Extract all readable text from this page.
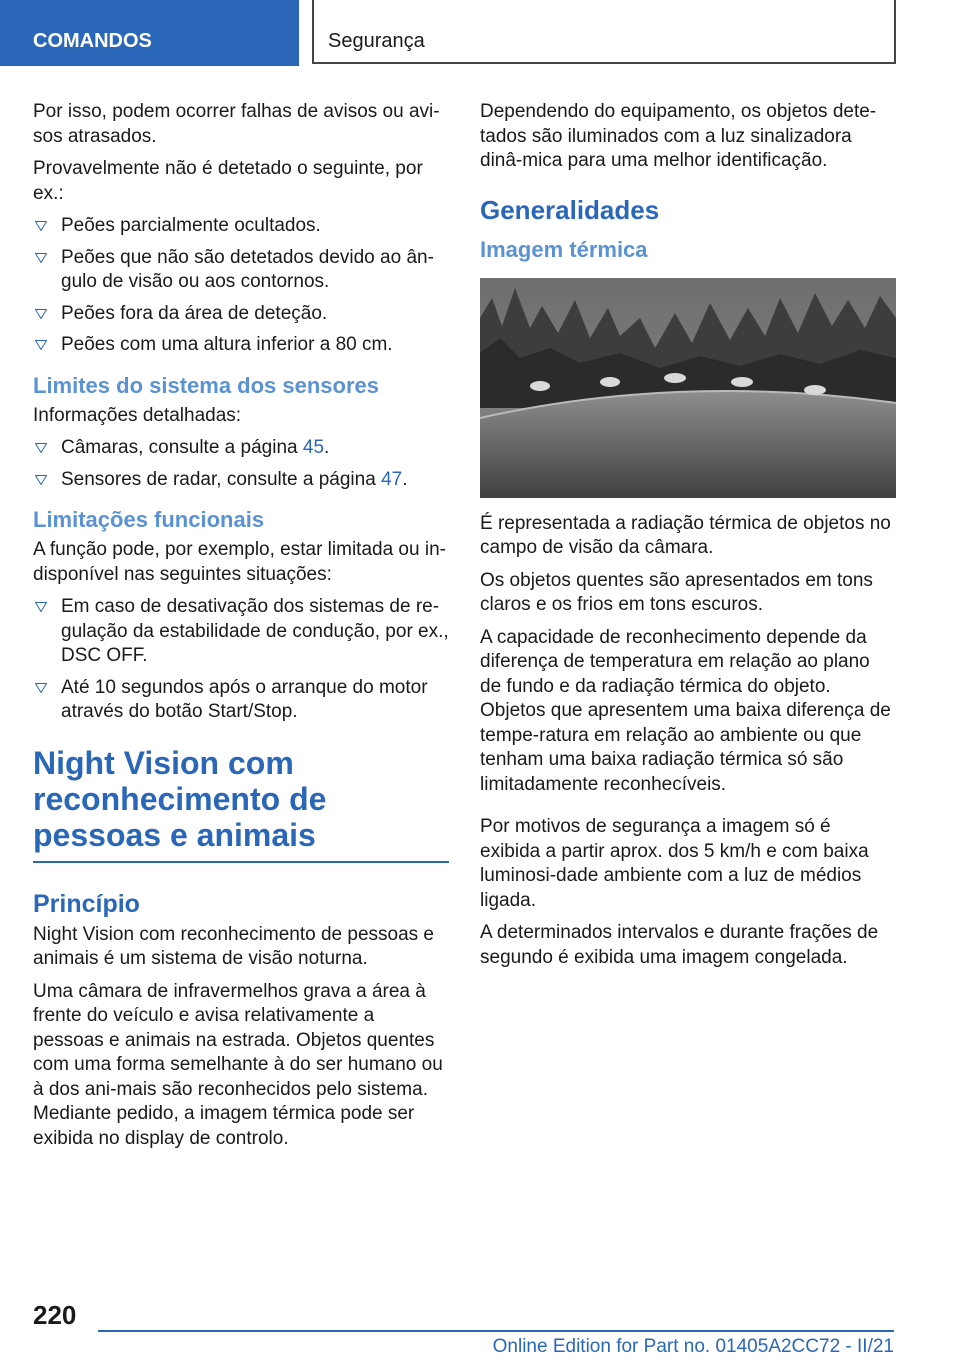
COMANDOS	Segurança

Por isso, podem ocorrer falhas de avisos ou avi-sos atrasados.

Provavelmente não é detetado o seguinte, por ex.:

Peões parcialmente ocultados.
Peões que não são detetados devido ao ân-gulo de visão ou aos contornos.
Peões fora da área de deteção.
Peões com uma altura inferior a 80 cm.
Limites do sistema dos sensores

Informações detalhadas:

Câmaras, consulte a página 45.
Sensores de radar, consulte a página 47.
Limitações funcionais

A função pode, por exemplo, estar limitada ou in-disponível nas seguintes situações:

Em caso de desativação dos sistemas de re-gulação da estabilidade de condução, por ex., DSC OFF.
Até 10 segundos após o arranque do motor através do botão Start/Stop.
Night Vision com reconhecimento de pessoas e animais
Princípio

Night Vision com reconhecimento de pessoas e animais é um sistema de visão noturna.

Uma câmara de infravermelhos grava a área à frente do veículo e avisa relativamente a pessoas e animais na estrada. Objetos quentes com uma forma semelhante à do ser humano ou à dos ani-mais são reconhecidos pelo sistema. Mediante pedido, a imagem térmica pode ser exibida no display de controlo.

Dependendo do equipamento, os objetos dete-tados são iluminados com a luz sinalizadora dinâ-mica para uma melhor identificação.

Generalidades
Imagem térmica

É representada a radiação térmica de objetos no campo de visão da câmara.

Os objetos quentes são apresentados em tons claros e os frios em tons escuros.

A capacidade de reconhecimento depende da diferença de temperatura em relação ao plano de fundo e da radiação térmica do objeto. Objetos que apresentem uma baixa diferença de tempe-ratura em relação ao ambiente ou que tenham uma baixa radiação térmica só são limitadamente reconhecíveis.

Por motivos de segurança a imagem só é exibida a partir aprox. dos 5 km/h e com baixa luminosi-dade ambiente com a luz de médios ligada.

A determinados intervalos e durante frações de segundo é exibida uma imagem congelada.

220
Online Edition for Part no. 01405A2CC72 - II/21
